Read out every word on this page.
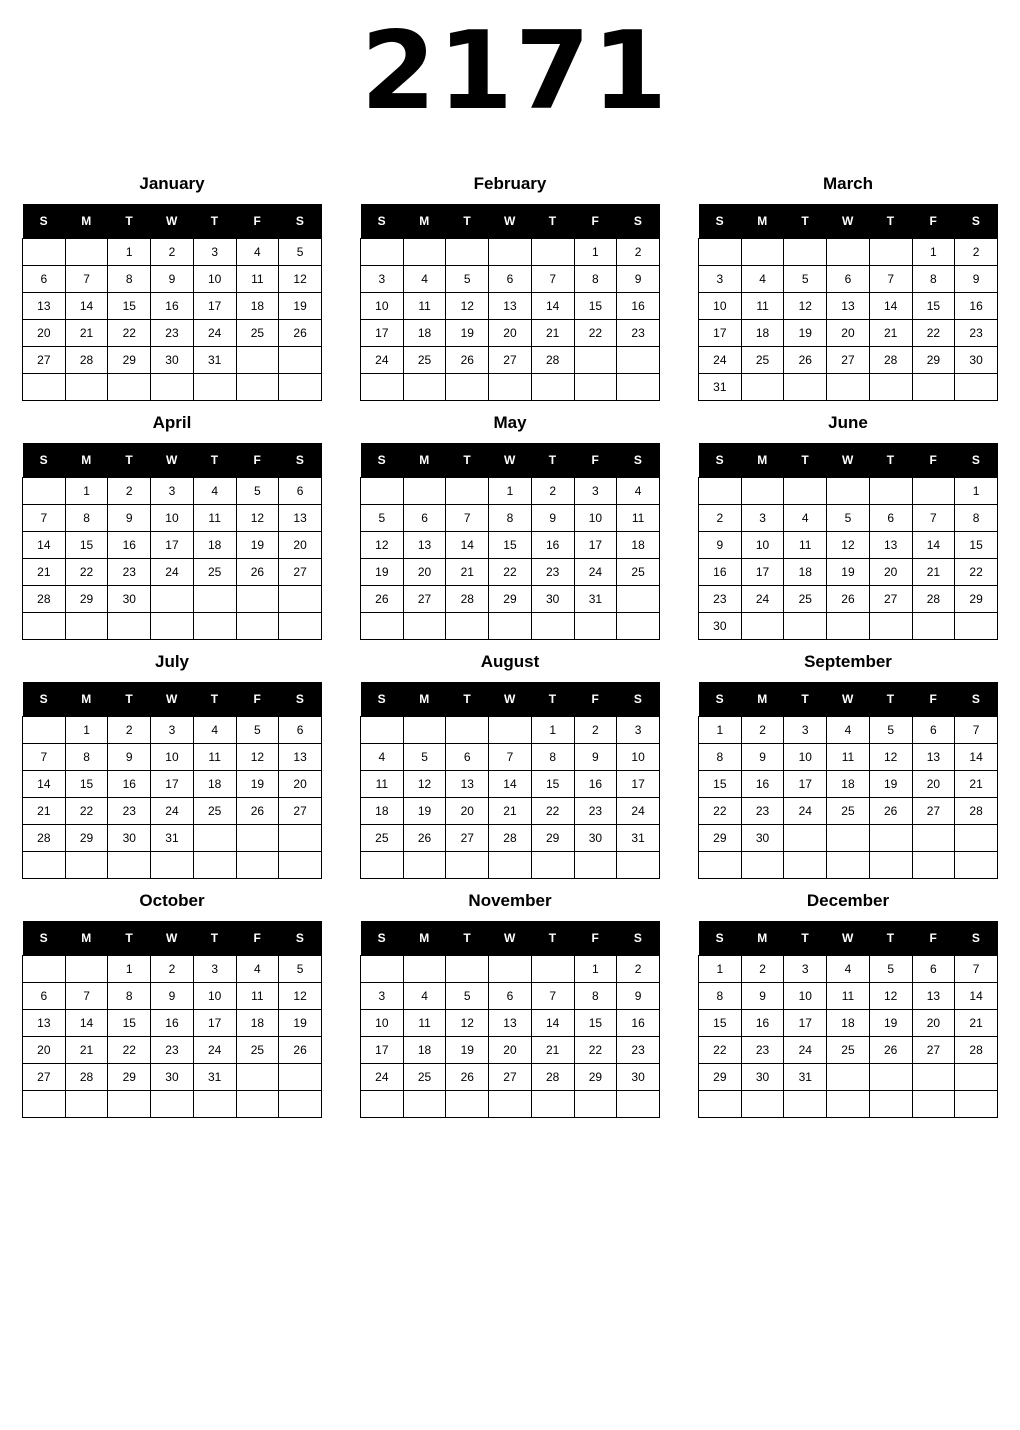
2171
January
S	M	T	W	T	F	S
		1	2	3	4	5
6	7	8	9	10	11	12
13	14	15	16	17	18	19
20	21	22	23	24	25	26
27	28	29	30	31		

February
S	M	T	W	T	F	S
					1	2
3	4	5	6	7	8	9
10	11	12	13	14	15	16
17	18	19	20	21	22	23
24	25	26	27	28		

March
S	M	T	W	T	F	S
					1	2
3	4	5	6	7	8	9
10	11	12	13	14	15	16
17	18	19	20	21	22	23
24	25	26	27	28	29	30
31						
April
S	M	T	W	T	F	S
	1	2	3	4	5	6
7	8	9	10	11	12	13
14	15	16	17	18	19	20
21	22	23	24	25	26	27
28	29	30				

May
S	M	T	W	T	F	S
			1	2	3	4
5	6	7	8	9	10	11
12	13	14	15	16	17	18
19	20	21	22	23	24	25
26	27	28	29	30	31	

June
S	M	T	W	T	F	S
						1
2	3	4	5	6	7	8
9	10	11	12	13	14	15
16	17	18	19	20	21	22
23	24	25	26	27	28	29
30						
July
S	M	T	W	T	F	S
	1	2	3	4	5	6
7	8	9	10	11	12	13
14	15	16	17	18	19	20
21	22	23	24	25	26	27
28	29	30	31			

August
S	M	T	W	T	F	S
				1	2	3
4	5	6	7	8	9	10
11	12	13	14	15	16	17
18	19	20	21	22	23	24
25	26	27	28	29	30	31

September
S	M	T	W	T	F	S
1	2	3	4	5	6	7
8	9	10	11	12	13	14
15	16	17	18	19	20	21
22	23	24	25	26	27	28
29	30					

October
S	M	T	W	T	F	S
		1	2	3	4	5
6	7	8	9	10	11	12
13	14	15	16	17	18	19
20	21	22	23	24	25	26
27	28	29	30	31		

November
S	M	T	W	T	F	S
					1	2
3	4	5	6	7	8	9
10	11	12	13	14	15	16
17	18	19	20	21	22	23
24	25	26	27	28	29	30

December
S	M	T	W	T	F	S
1	2	3	4	5	6	7
8	9	10	11	12	13	14
15	16	17	18	19	20	21
22	23	24	25	26	27	28
29	30	31				
